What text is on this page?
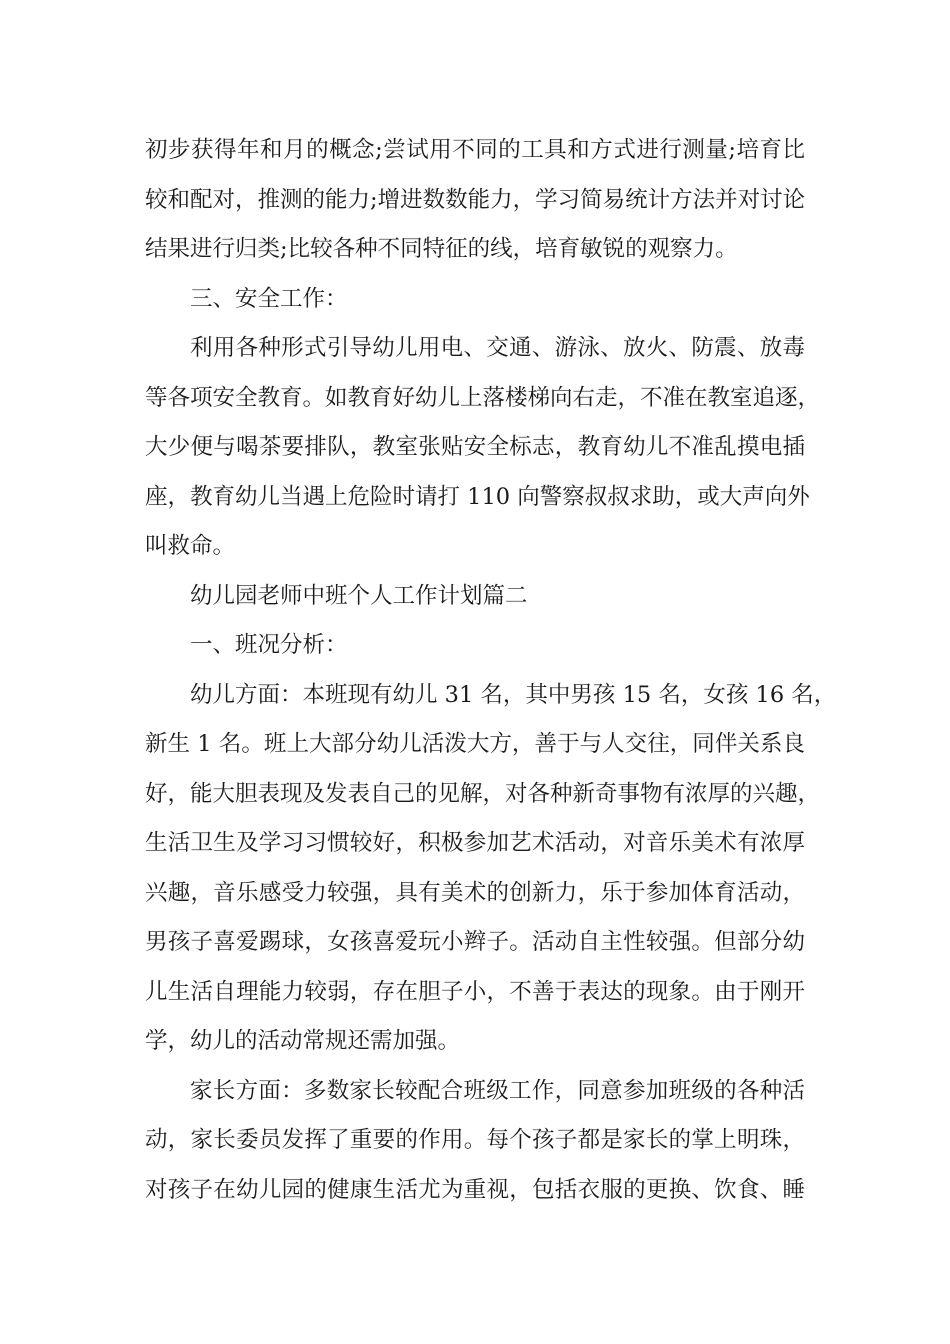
初步获得年和月的概念;尝试用不同的工具和方式进行测量;培育比
较和配对，推测的能力;增进数数能力，学习简易统计方法并对讨论
结果进行归类;比较各种不同特征的线，培育敏锐的观察力。
三、安全工作：
利用各种形式引导幼儿用电、交通、游泳、放火、防震、放毒
等各项安全教育。如教育好幼儿上落楼梯向右走，不准在教室追逐，
大少便与喝茶要排队，教室张贴安全标志，教育幼儿不准乱摸电插
座，教育幼儿当遇上危险时请打 110 向警察叔叔求助，或大声向外
叫救命。
幼儿园老师中班个人工作计划篇二
一、班况分析：
幼儿方面：本班现有幼儿 31 名，其中男孩 15 名，女孩 16 名，
新生 1 名。班上大部分幼儿活泼大方，善于与人交往，同伴关系良
好，能大胆表现及发表自己的见解，对各种新奇事物有浓厚的兴趣，
生活卫生及学习习惯较好，积极参加艺术活动，对音乐美术有浓厚
兴趣，音乐感受力较强，具有美术的创新力，乐于参加体育活动，
男孩子喜爱踢球，女孩喜爱玩小辫子。活动自主性较强。但部分幼
儿生活自理能力较弱，存在胆子小，不善于表达的现象。由于刚开
学，幼儿的活动常规还需加强。
家长方面：多数家长较配合班级工作，同意参加班级的各种活
动，家长委员发挥了重要的作用。每个孩子都是家长的掌上明珠，
对孩子在幼儿园的健康生活尤为重视，包括衣服的更换、饮食、睡
